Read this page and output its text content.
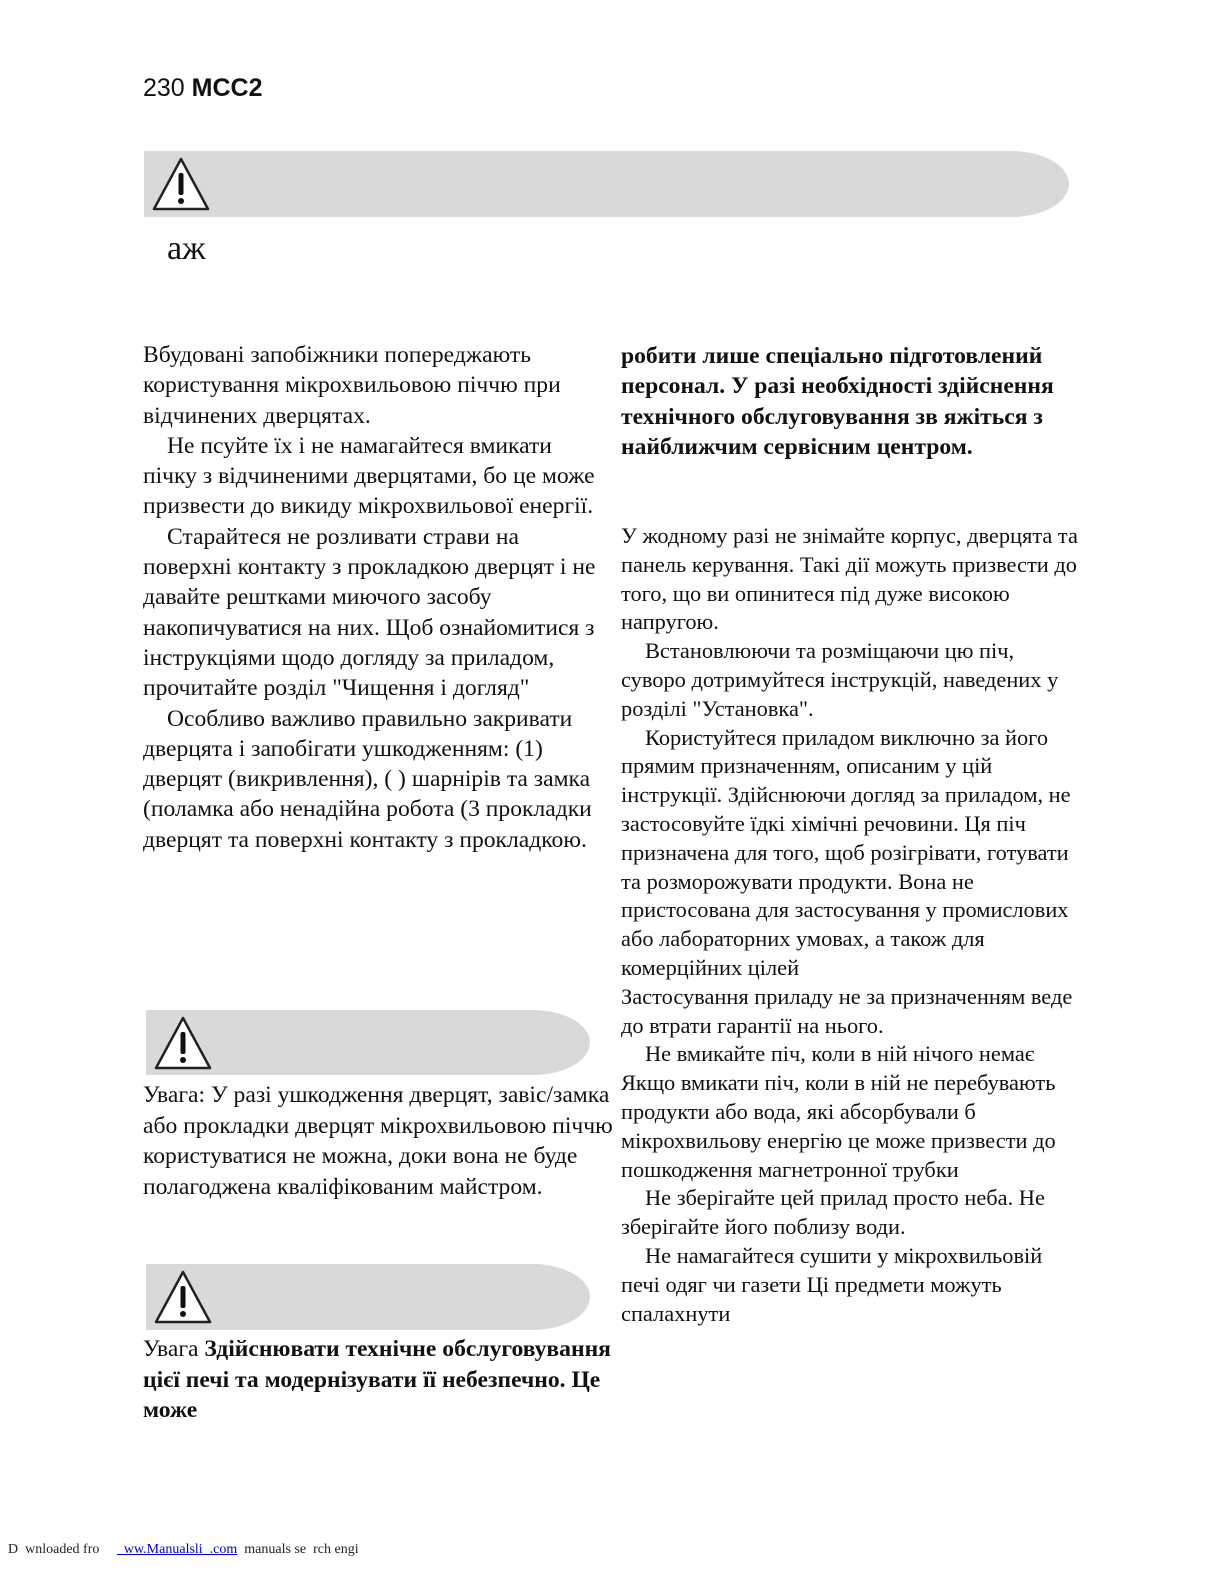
230 MCC2
аж

Вбудовані запобіжники попереджають користування мікрохвильовою піччю при відчинених дверцятах.

Не псуйте їх і не намагайтеся вмикати пічку з відчиненими дверцятами, бо це може призвести до викиду мікрохвильової енергії.

Старайтеся не розливати страви на поверхні контакту з прокладкою дверцят і не давайте рештками миючого засобу накопичуватися на них. Щоб ознайомитися з інструкціями щодо догляду за приладом, прочитайте розділ "Чищення і догляд"

Особливо важливо правильно закривати дверцята і запобігати ушкодженням: (1) дверцят (викривлення), ( ) шарнірів та замка (поламка або ненадійна робота (3 прокладки дверцят та поверхні контакту з прокладкою.

Увага: У разі ушкодження дверцят, завіс/замка або прокладки дверцят мікрохвильовою піччю користуватися не можна, доки вона не буде полагоджена кваліфікованим майстром.
Увага Здійснювати технічне обслуговування цієї печі та модернізувати її небезпечно. Це може
робити лише спеціально підготовлений персонал. У разі необхідності здійснення технічного обслуговування зв яжіться з найближчим сервісним центром.

У жодному разі не знімайте корпус, дверцята та панель керування. Такі дії можуть призвести до того, що ви опинитеся під дуже високою напругою.

Встановлюючи та розміщаючи цю піч, суворо дотримуйтеся інструкцій, наведених у розділі "Установка".

Користуйтеся приладом виключно за його прямим призначенням, описаним у цій інструкції. Здійснюючи догляд за приладом, не застосовуйте їдкі хімічні речовини. Ця піч призначена для того, щоб розігрівати, готувати та розморожувати продукти. Вона не пристосована для застосування у промислових або лабораторних умовах, а також для комерційних цілей

Застосування приладу не за призначенням веде до втрати гарантії на нього.

Не вмикайте піч, коли в ній нічого немає Якщо вмикати піч, коли в ній не перебувають продукти або вода, які абсорбували б мікрохвильову енергію це може призвести до пошкодження магнетронної трубки

Не зберігайте цей прилад просто неба. Не зберігайте його поблизу води.

Не намагайтеся сушити у мікрохвильовій печі одяг чи газети Ці предмети можуть спалахнути

D  wnloaded fro       ww.Manualsli  .com  manuals se  rch engi
